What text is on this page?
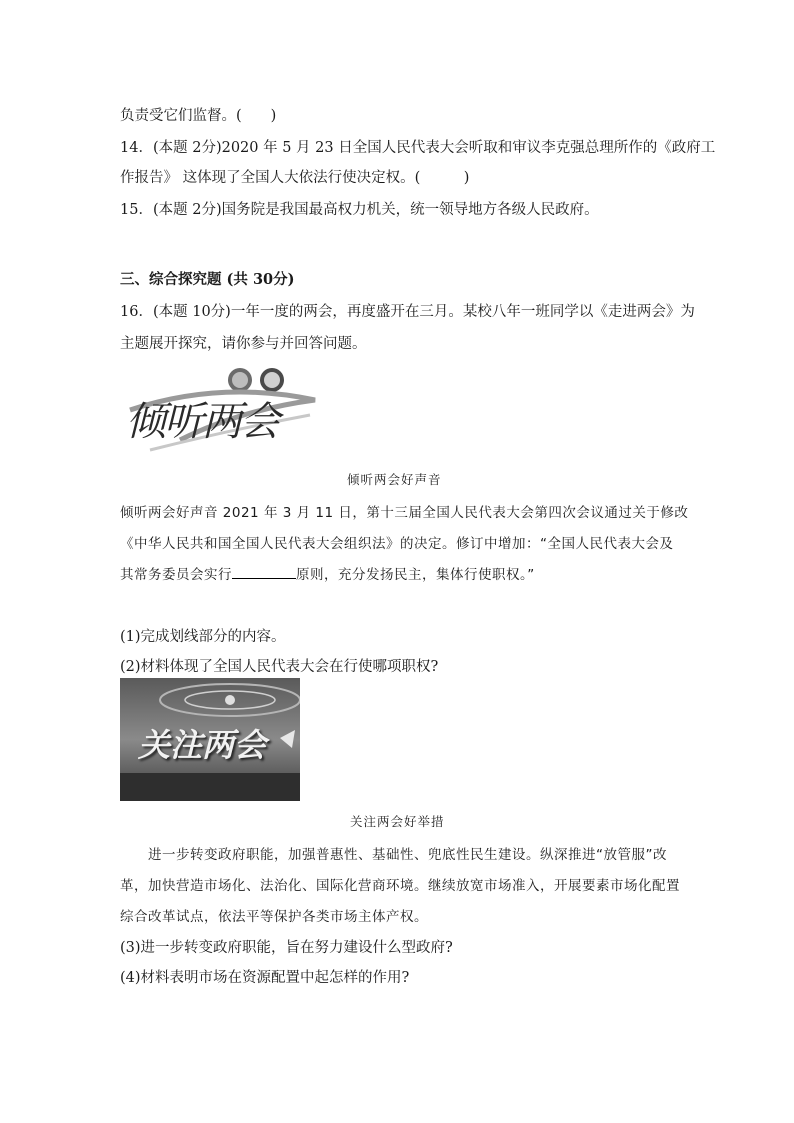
负责受它们监督。(　　)
14．(本题 2分)2020 年 5 月 23 日全国人民代表大会听取和审议李克强总理所作的《政府工
作报告》 这体现了全国人大依法行使决定权。(　　　)
15．(本题 2分)国务院是我国最高权力机关，统一领导地方各级人民政府。
三、综合探究题 (共 30分)
16．(本题 10分)一年一度的两会，再度盛开在三月。某校八年一班同学以《走进两会》为
主题展开探究，请你参与并回答问题。
倾听两会
倾听两会好声音
倾听两会好声音 2021 年 3 月 11 日，第十三届全国人民代表大会第四次会议通过关于修改
《中华人民共和国全国人民代表大会组织法》的决定。修订中增加：“全国人民代表大会及
其常务委员会实行	原则，充分发扬民主，集体行使职权。”
(1)完成划线部分的内容。
(2)材料体现了全国人民代表大会在行使哪项职权?
关注两会
关注两会好举措
进一步转变政府职能，加强普惠性、基础性、兜底性民生建设。纵深推进“放管服”改
革，加快营造市场化、法治化、国际化营商环境。继续放宽市场准入，开展要素市场化配置
综合改革试点，依法平等保护各类市场主体产权。
(3)进一步转变政府职能，旨在努力建设什么型政府?
(4)材料表明市场在资源配置中起怎样的作用?
